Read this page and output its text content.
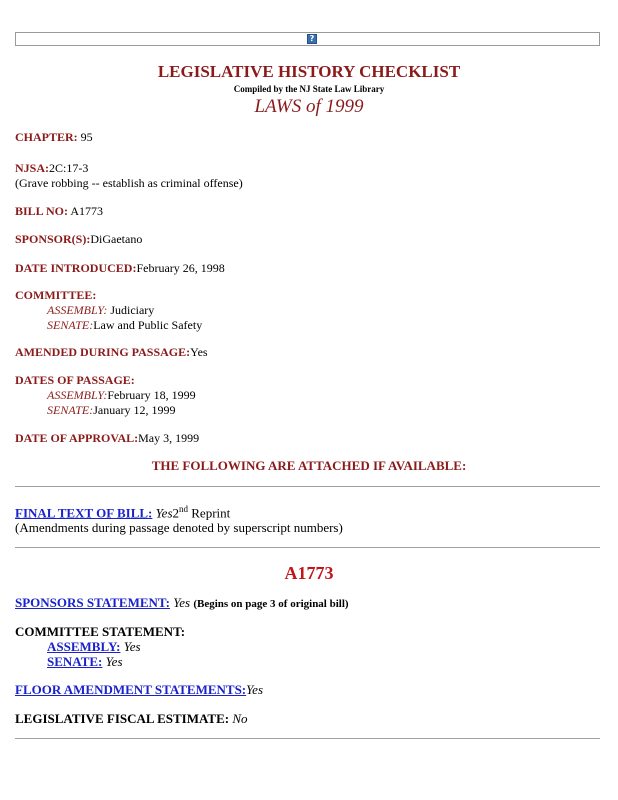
?
LEGISLATIVE HISTORY CHECKLIST
Compiled by the NJ State Law Library
LAWS of 1999
CHAPTER: 95
NJSA:2C:17-3
(Grave robbing -- establish as criminal offense)
BILL NO: A1773
SPONSOR(S):DiGaetano
DATE INTRODUCED:February 26, 1998
COMMITTEE:

ASSEMBLY: Judiciary
SENATE:Law and Public Safety
AMENDED DURING PASSAGE:Yes
DATES OF PASSAGE:

ASSEMBLY:February 18, 1999
SENATE:January 12, 1999
DATE OF APPROVAL:May 3, 1999
THE FOLLOWING ARE ATTACHED IF AVAILABLE:
FINAL TEXT OF BILL: Yes2nd Reprint
(Amendments during passage denoted by superscript numbers)
A1773
SPONSORS STATEMENT: Yes (Begins on page 3 of original bill)
COMMITTEE STATEMENT:

ASSEMBLY: Yes
SENATE: Yes
FLOOR AMENDMENT STATEMENTS:Yes
LEGISLATIVE FISCAL ESTIMATE: No
